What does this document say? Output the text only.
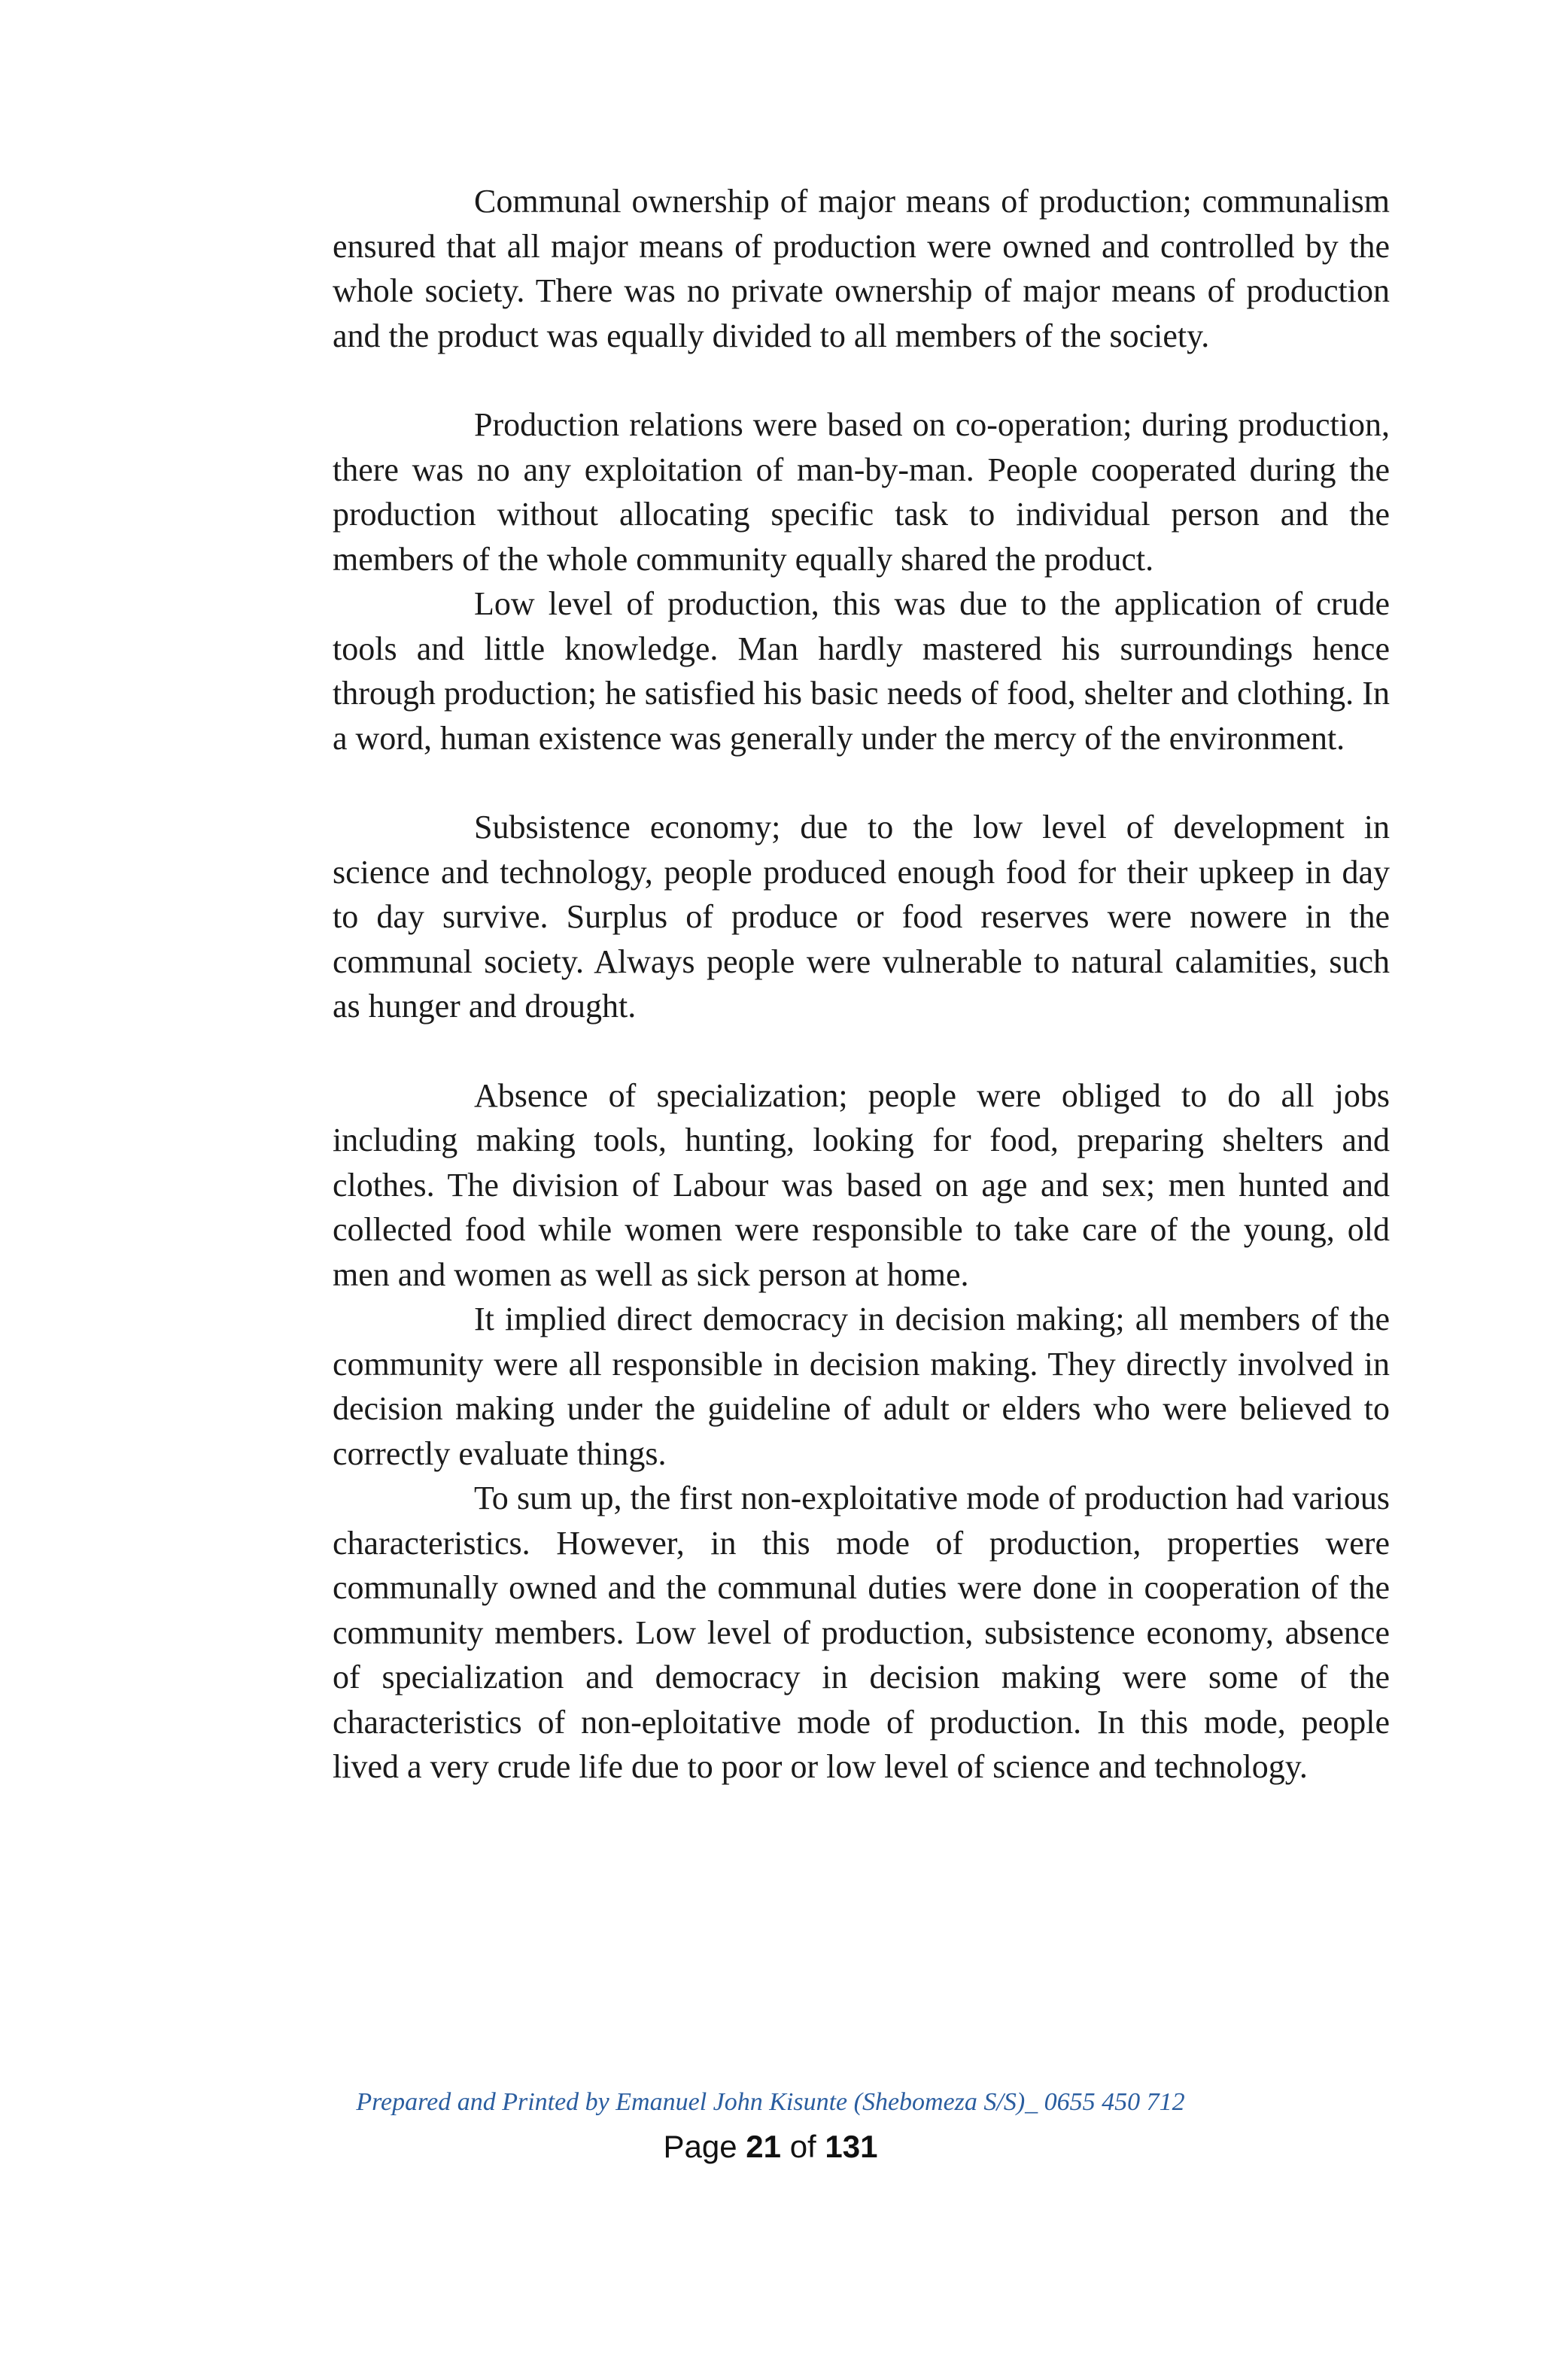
Communal ownership of major means of production; communalism ensured that all major means of production were owned and controlled by the whole society. There was no private ownership of major means of production and the product was equally divided to all members of the society.

Production relations were based on co-operation; during production, there was no any exploitation of man-by-man. People cooperated during the production without allocating specific task to individual person and the members of the whole community equally shared the product.

Low level of production, this was due to the application of crude tools and little knowledge. Man hardly mastered his surroundings hence through production; he satisfied his basic needs of food, shelter and clothing. In a word, human existence was generally under the mercy of the environment.

Subsistence economy; due to the low level of development in science and technology, people produced enough food for their upkeep in day to day survive. Surplus of produce or food reserves were nowere in the communal society. Always people were vulnerable to natural calamities, such as hunger and drought.

Absence of specialization; people were obliged to do all jobs including making tools, hunting, looking for food, preparing shelters and clothes. The division of Labour was based on age and sex; men hunted and collected food while women were responsible to take care of the young, old men and women as well as sick person at home.

It implied direct democracy in decision making; all members of the community were all responsible in decision making. They directly involved in decision making under the guideline of adult or elders who were believed to correctly evaluate things.

To sum up, the first non-exploitative mode of production had various characteristics. However, in this mode of production, properties were communally owned and the communal duties were done in cooperation of the community members. Low level of production, subsistence economy, absence of specialization and democracy in decision making were some of the characteristics of non-eploitative mode of production. In this mode, people lived a very crude life due to poor or low level of science and technology.

Prepared and Printed by Emanuel John Kisunte (Shebomeza S/S)_ 0655 450 712
Page 21 of 131
